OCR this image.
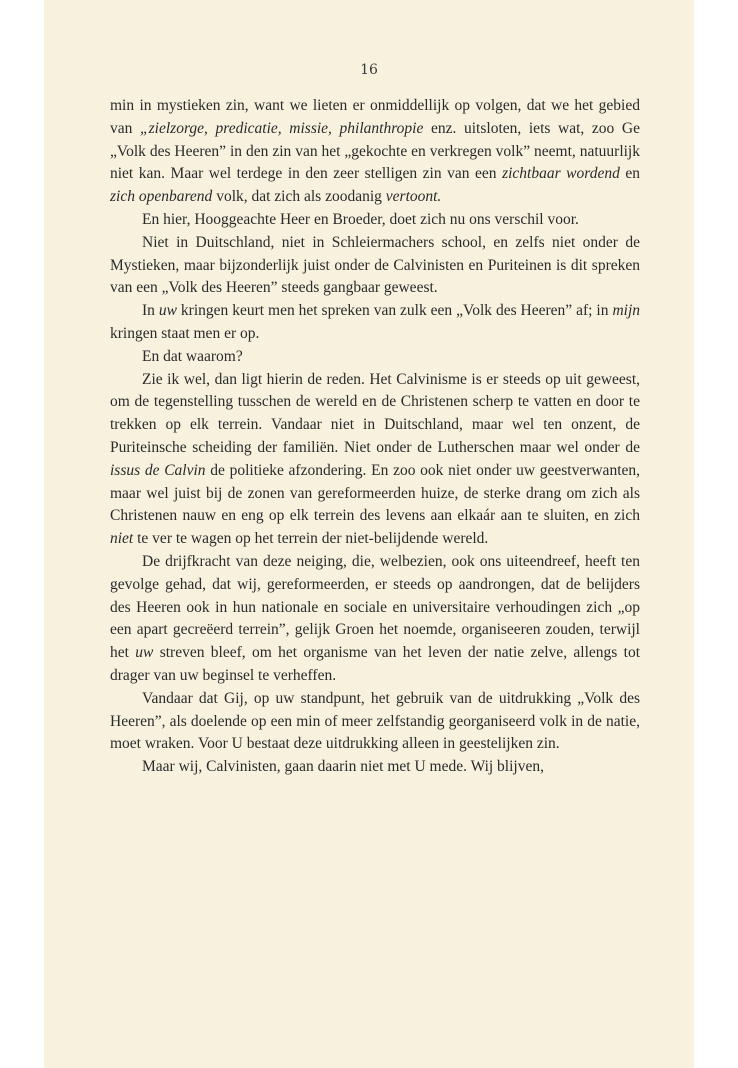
16

min in mystieken zin, want we lieten er onmiddellijk op volgen, dat we het gebied van „zielzorge, predicatie, missie, philanthropie enz. uitsloten, iets wat, zoo Ge „Volk des Heeren” in den zin van het „gekochte en verkregen volk” neemt, natuurlijk niet kan. Maar wel terdege in den zeer stelligen zin van een zichtbaar wordend en zich openbarend volk, dat zich als zoodanig vertoont.

En hier, Hooggeachte Heer en Broeder, doet zich nu ons verschil voor.

Niet in Duitschland, niet in Schleiermachers school, en zelfs niet onder de Mystieken, maar bijzonderlijk juist onder de Calvinisten en Puriteinen is dit spreken van een „Volk des Heeren” steeds gangbaar geweest.

In uw kringen keurt men het spreken van zulk een „Volk des Heeren” af; in mijn kringen staat men er op.

En dat waarom?

Zie ik wel, dan ligt hierin de reden. Het Calvinisme is er steeds op uit geweest, om de tegenstelling tusschen de wereld en de Christenen scherp te vatten en door te trekken op elk terrein. Vandaar niet in Duitschland, maar wel ten onzent, de Puriteinsche scheiding der familiën. Niet onder de Lutherschen maar wel onder de issus de Calvin de politieke afzondering. En zoo ook niet onder uw geestverwanten, maar wel juist bij de zonen van gereformeerden huize, de sterke drang om zich als Christenen nauw en eng op elk terrein des levens aan elkaár aan te sluiten, en zich niet te ver te wagen op het terrein der niet-belijdende wereld.

De drijfkracht van deze neiging, die, welbezien, ook ons uiteendreef, heeft ten gevolge gehad, dat wij, gereformeerden, er steeds op aandrongen, dat de belijders des Heeren ook in hun nationale en sociale en universitaire verhoudingen zich „op een apart gecreëerd terrein”, gelijk Groen het noemde, organiseeren zouden, terwijl het uw streven bleef, om het organisme van het leven der natie zelve, allengs tot drager van uw beginsel te verheffen.

Vandaar dat Gij, op uw standpunt, het gebruik van de uitdrukking „Volk des Heeren”, als doelende op een min of meer zelfstandig georganiseerd volk in de natie, moet wraken. Voor U bestaat deze uitdrukking alleen in geestelijken zin.

Maar wij, Calvinisten, gaan daarin niet met U mede. Wij blijven,
